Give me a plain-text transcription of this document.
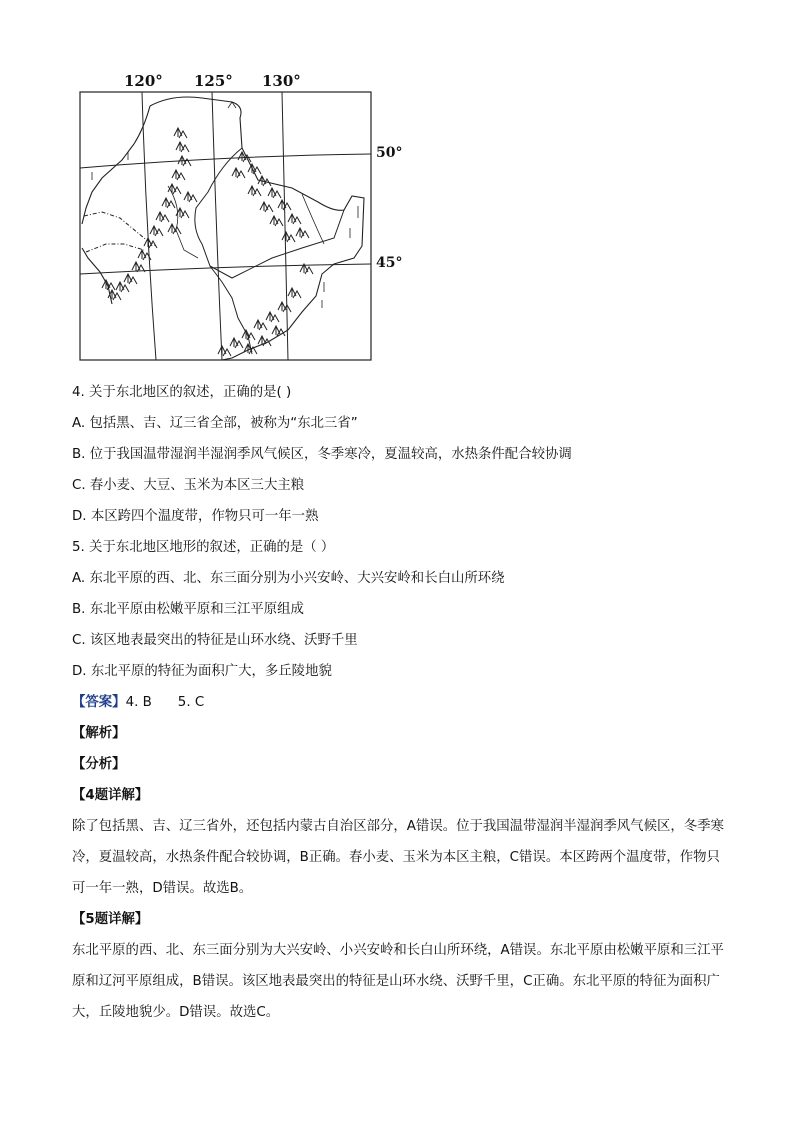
120° 125° 130°
50°
45°
4. 关于东北地区的叙述，正确的是( )
A. 包括黑、吉、辽三省全部，被称为“东北三省”
B. 位于我国温带湿润半湿润季风气候区，冬季寒冷，夏温较高，水热条件配合较协调
C. 春小麦、大豆、玉米为本区三大主粮
D. 本区跨四个温度带，作物只可一年一熟
5. 关于东北地区地形的叙述，正确的是（ ）
A. 东北平原的西、北、东三面分别为小兴安岭、大兴安岭和长白山所环绕
B. 东北平原由松嫩平原和三江平原组成
C. 该区地表最突出的特征是山环水绕、沃野千里
D. 东北平原的特征为面积广大，多丘陵地貌
【答案】4. B 5. C
【解析】
【分析】
【4题详解】

除了包括黑、吉、辽三省外，还包括内蒙古自治区部分，A错误。位于我国温带湿润半湿润季风气候区，冬季寒冷，夏温较高，水热条件配合较协调，B正确。春小麦、玉米为本区主粮，C错误。本区跨两个温度带，作物只可一年一熟，D错误。故选B。

【5题详解】

东北平原的西、北、东三面分别为大兴安岭、小兴安岭和长白山所环绕，A错误。东北平原由松嫩平原和三江平原和辽河平原组成，B错误。该区地表最突出的特征是山环水绕、沃野千里，C正确。东北平原的特征为面积广大，丘陵地貌少。D错误。故选C。
